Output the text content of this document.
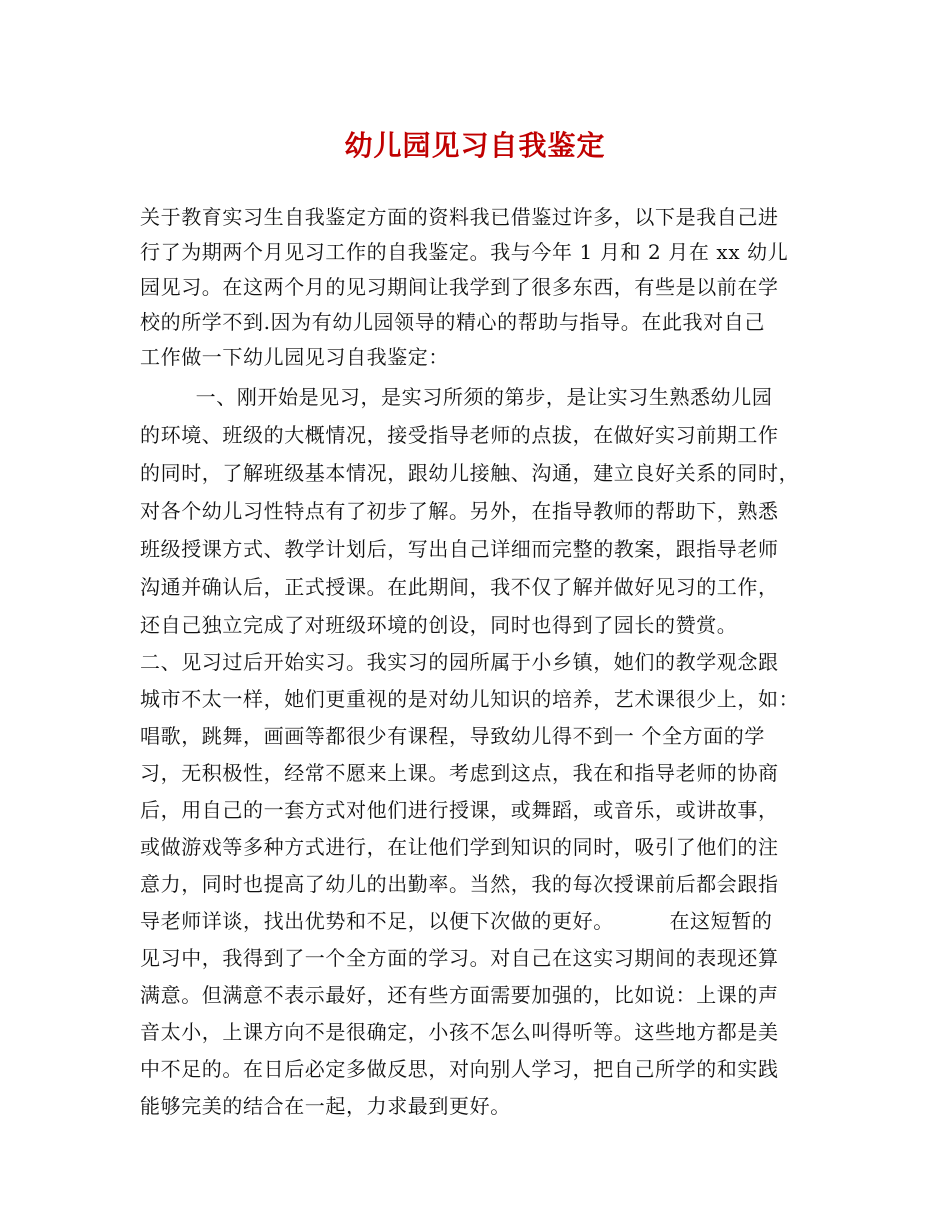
幼儿园见习自我鉴定
关于教育实习生自我鉴定方面的资料我已借鉴过许多，以下是我自己进
行了为期两个月见习工作的自我鉴定。我与今年 1 月和 2 月在 xx 幼儿
园见习。在这两个月的见习期间让我学到了很多东西，有些是以前在学
校的所学不到.因为有幼儿园领导的精心的帮助与指导。在此我对自己
工作做一下幼儿园见习自我鉴定：
一、刚开始是见习，是实习所须的第步，是让实习生熟悉幼儿园
的环境、班级的大概情况，接受指导老师的点拔，在做好实习前期工作
的同时，了解班级基本情况，跟幼儿接触、沟通，建立良好关系的同时，
对各个幼儿习性特点有了初步了解。另外，在指导教师的帮助下，熟悉
班级授课方式、教学计划后，写出自己详细而完整的教案，跟指导老师
沟通并确认后，正式授课。在此期间，我不仅了解并做好见习的工作，
还自己独立完成了对班级环境的创设，同时也得到了园长的赞赏。
二、见习过后开始实习。我实习的园所属于小乡镇，她们的教学观念跟
城市不太一样，她们更重视的是对幼儿知识的培养，艺术课很少上，如：
唱歌，跳舞，画画等都很少有课程，导致幼儿得不到一 个全方面的学
习，无积极性，经常不愿来上课。考虑到这点，我在和指导老师的协商
后，用自己的一套方式对他们进行授课，或舞蹈，或音乐，或讲故事，
或做游戏等多种方式进行，在让他们学到知识的同时，吸引了他们的注
意力，同时也提高了幼儿的出勤率。当然，我的每次授课前后都会跟指
导老师详谈，找出优势和不足，以便下次做的更好。        在这短暂的
见习中，我得到了一个全方面的学习。对自己在这实习期间的表现还算
满意。但满意不表示最好，还有些方面需要加强的，比如说：上课的声
音太小，上课方向不是很确定，小孩不怎么叫得听等。这些地方都是美
中不足的。在日后必定多做反思，对向别人学习，把自己所学的和实践
能够完美的结合在一起，力求最到更好。
